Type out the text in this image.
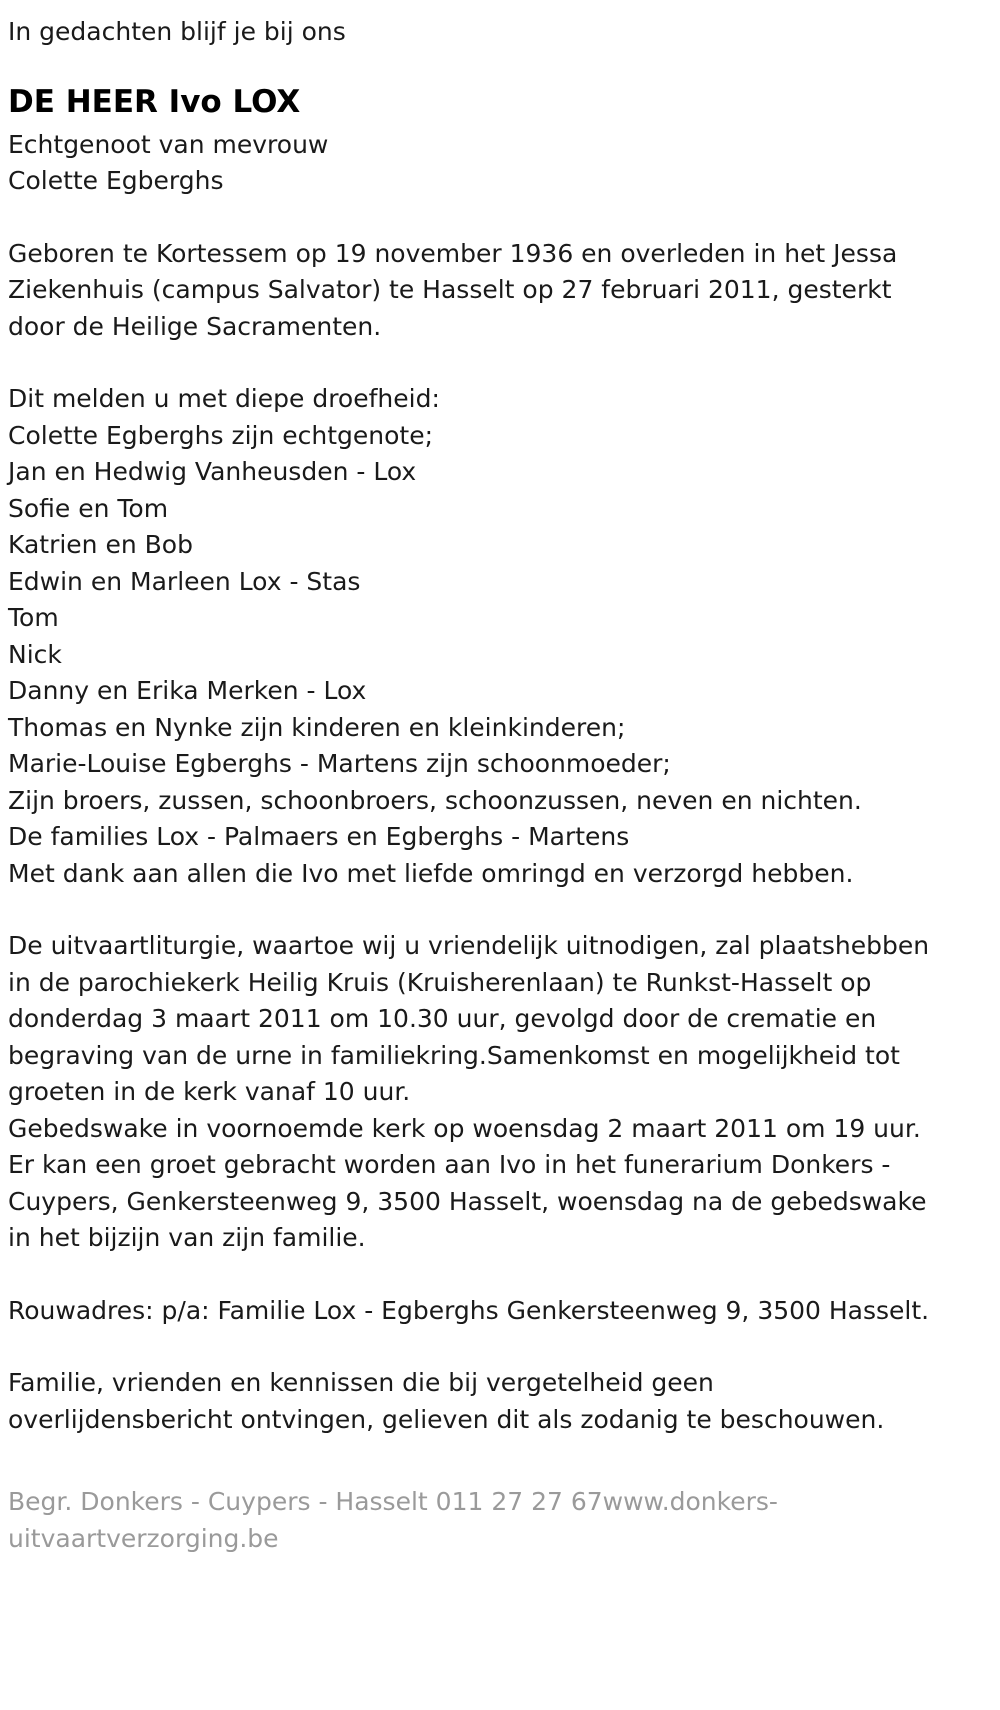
In gedachten blijf je bij ons
DE HEER Ivo LOX
Echtgenoot van mevrouw
Colette Egberghs
Geboren te Kortessem op 19 november 1936 en overleden in het Jessa
Ziekenhuis (campus Salvator) te Hasselt op 27 februari 2011, gesterkt
door de Heilige Sacramenten.
Dit melden u met diepe droefheid:
Colette Egberghs zijn echtgenote;
Jan en Hedwig Vanheusden - Lox
Sofie en Tom
Katrien en Bob
Edwin en Marleen Lox - Stas
Tom
Nick
Danny en Erika Merken - Lox
Thomas en Nynke zijn kinderen en kleinkinderen;
Marie-Louise Egberghs - Martens zijn schoonmoeder;
Zijn broers, zussen, schoonbroers, schoonzussen, neven en nichten.
De families Lox - Palmaers en Egberghs - Martens
Met dank aan allen die Ivo met liefde omringd en verzorgd hebben.
De uitvaartliturgie, waartoe wij u vriendelijk uitnodigen, zal plaatshebben
in de parochiekerk Heilig Kruis (Kruisherenlaan) te Runkst-Hasselt op
donderdag 3 maart 2011 om 10.30 uur, gevolgd door de crematie en
begraving van de urne in familiekring.Samenkomst en mogelijkheid tot
groeten in de kerk vanaf 10 uur.
Gebedswake in voornoemde kerk op woensdag 2 maart 2011 om 19 uur.
Er kan een groet gebracht worden aan Ivo in het funerarium Donkers -
Cuypers, Genkersteenweg 9, 3500 Hasselt, woensdag na de gebedswake
in het bijzijn van zijn familie.
Rouwadres: p/a: Familie Lox - Egberghs Genkersteenweg 9, 3500 Hasselt.
Familie, vrienden en kennissen die bij vergetelheid geen
overlijdensbericht ontvingen, gelieven dit als zodanig te beschouwen.
Begr. Donkers - Cuypers - Hasselt 011 27 27 67www.donkers-
uitvaartverzorging.be
